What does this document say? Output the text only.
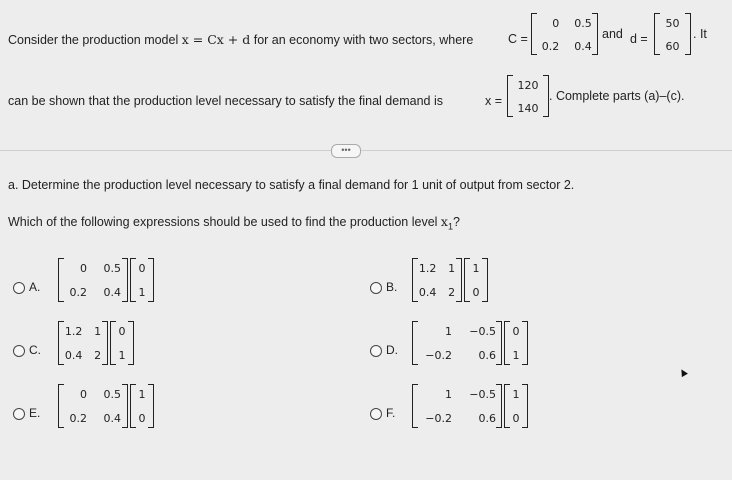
Consider the production model x = Cx + d for an economy with two sectors, where	C =
0	0.5
0.2	0.4
and d =
50
60
. It
can be shown that the production level necessary to satisfy the final demand is	x =
120
140
. Complete parts (a)–(c).
•••
a. Determine the production level necessary to satisfy a final demand for 1 unit of output from sector 2.
Which of the following expressions should be used to find the production level $x_1$?
A.
0	0.5
0.2	0.4
0
1	B.
1.2 1
0.4 2
1
0
C.
1.2 1
0.4 2
0
1	D.
1	−0.5
−0.2	0.6
0
1
E.
0	0.5
0.2	0.4
1
0	F.
1	−0.5
−0.2	0.6
1
0
▲
